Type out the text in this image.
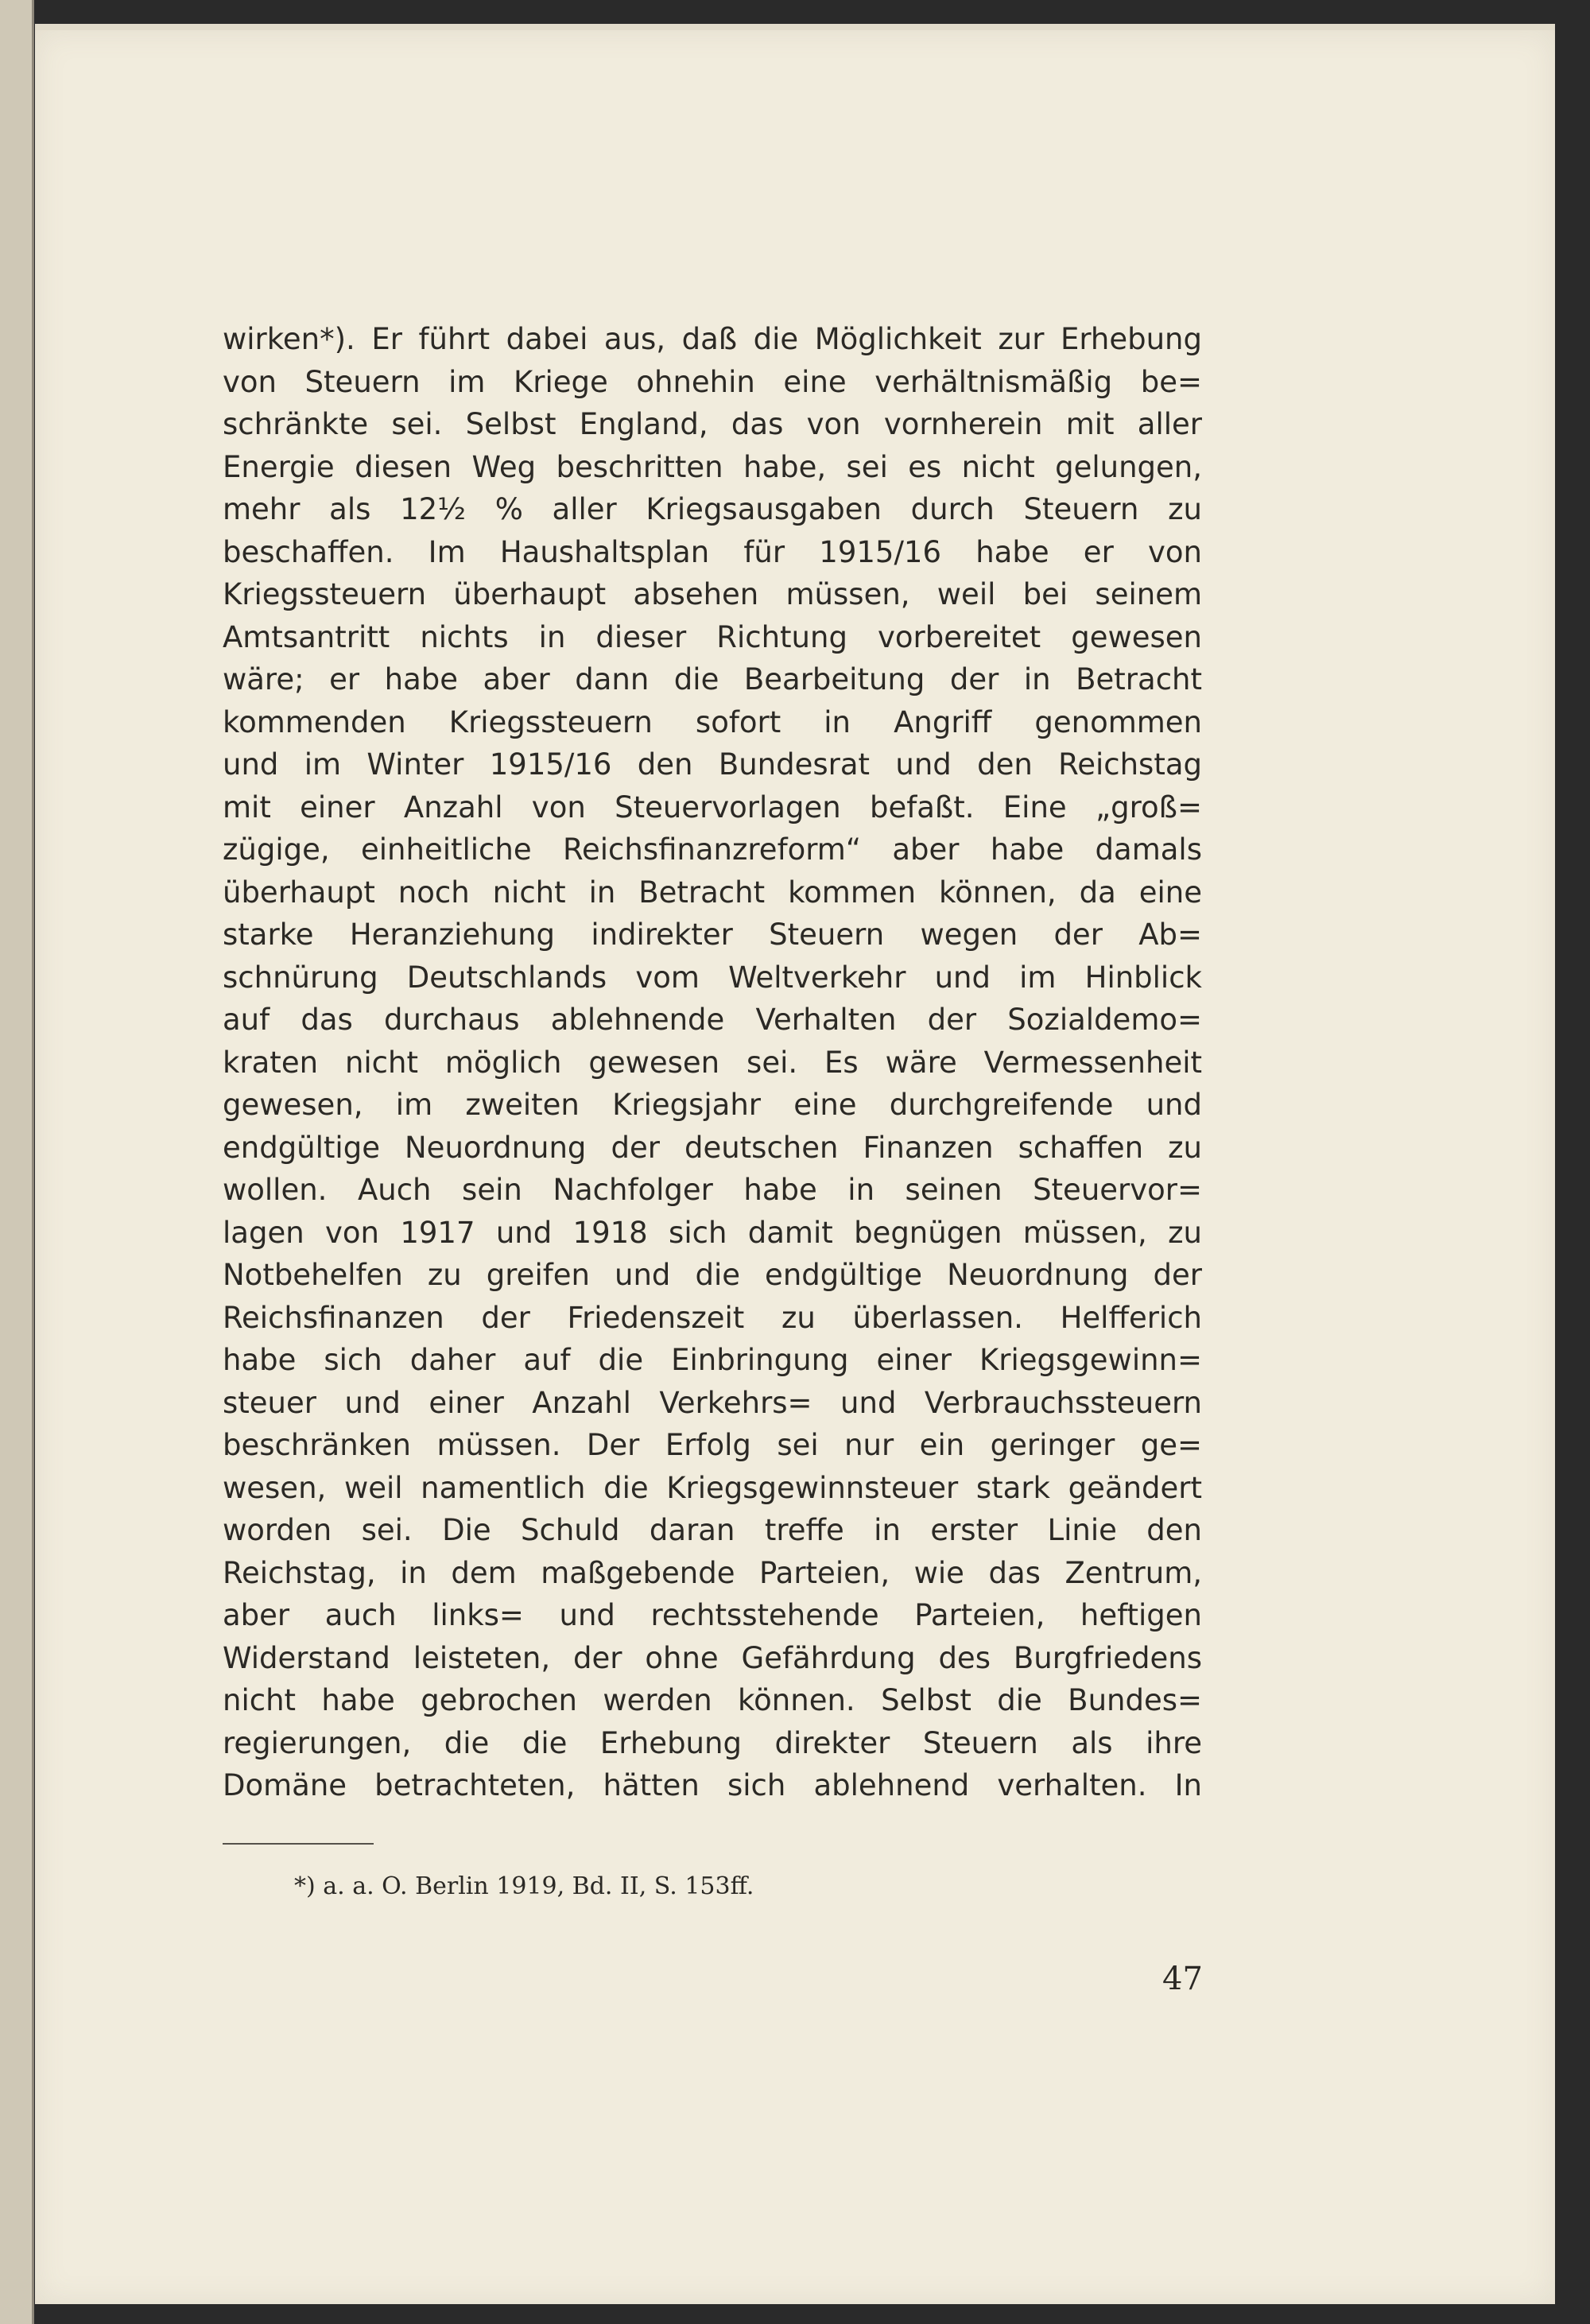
wirken*). Er führt dabei aus, daß die Möglichkeit zur Erhebung
von Steuern im Kriege ohnehin eine verhältnismäßig be=
schränkte sei. Selbst England, das von vornherein mit aller
Energie diesen Weg beschritten habe, sei es nicht gelungen,
mehr als 12½ % aller Kriegsausgaben durch Steuern zu
beschaffen. Im Haushaltsplan für 1915/16 habe er von
Kriegssteuern überhaupt absehen müssen, weil bei seinem
Amtsantritt nichts in dieser Richtung vorbereitet gewesen
wäre; er habe aber dann die Bearbeitung der in Betracht
kommenden Kriegssteuern sofort in Angriff genommen
und im Winter 1915/16 den Bundesrat und den Reichstag
mit einer Anzahl von Steuervorlagen befaßt. Eine „groß=
zügige, einheitliche Reichsfinanzreform“ aber habe damals
überhaupt noch nicht in Betracht kommen können, da eine
starke Heranziehung indirekter Steuern wegen der Ab=
schnürung Deutschlands vom Weltverkehr und im Hinblick
auf das durchaus ablehnende Verhalten der Sozialdemo=
kraten nicht möglich gewesen sei. Es wäre Vermessenheit
gewesen, im zweiten Kriegsjahr eine durchgreifende und
endgültige Neuordnung der deutschen Finanzen schaffen zu
wollen. Auch sein Nachfolger habe in seinen Steuervor=
lagen von 1917 und 1918 sich damit begnügen müssen, zu
Notbehelfen zu greifen und die endgültige Neuordnung der
Reichsfinanzen der Friedenszeit zu überlassen. Helfferich
habe sich daher auf die Einbringung einer Kriegsgewinn=
steuer und einer Anzahl Verkehrs= und Verbrauchssteuern
beschränken müssen. Der Erfolg sei nur ein geringer ge=
wesen, weil namentlich die Kriegsgewinnsteuer stark geändert
worden sei. Die Schuld daran treffe in erster Linie den
Reichstag, in dem maßgebende Parteien, wie das Zentrum,
aber auch links= und rechtsstehende Parteien, heftigen
Widerstand leisteten, der ohne Gefährdung des Burgfriedens
nicht habe gebrochen werden können. Selbst die Bundes=
regierungen, die die Erhebung direkter Steuern als ihre
Domäne betrachteten, hätten sich ablehnend verhalten. In
*) a. a. O. Berlin 1919, Bd. II, S. 153ff.
47
